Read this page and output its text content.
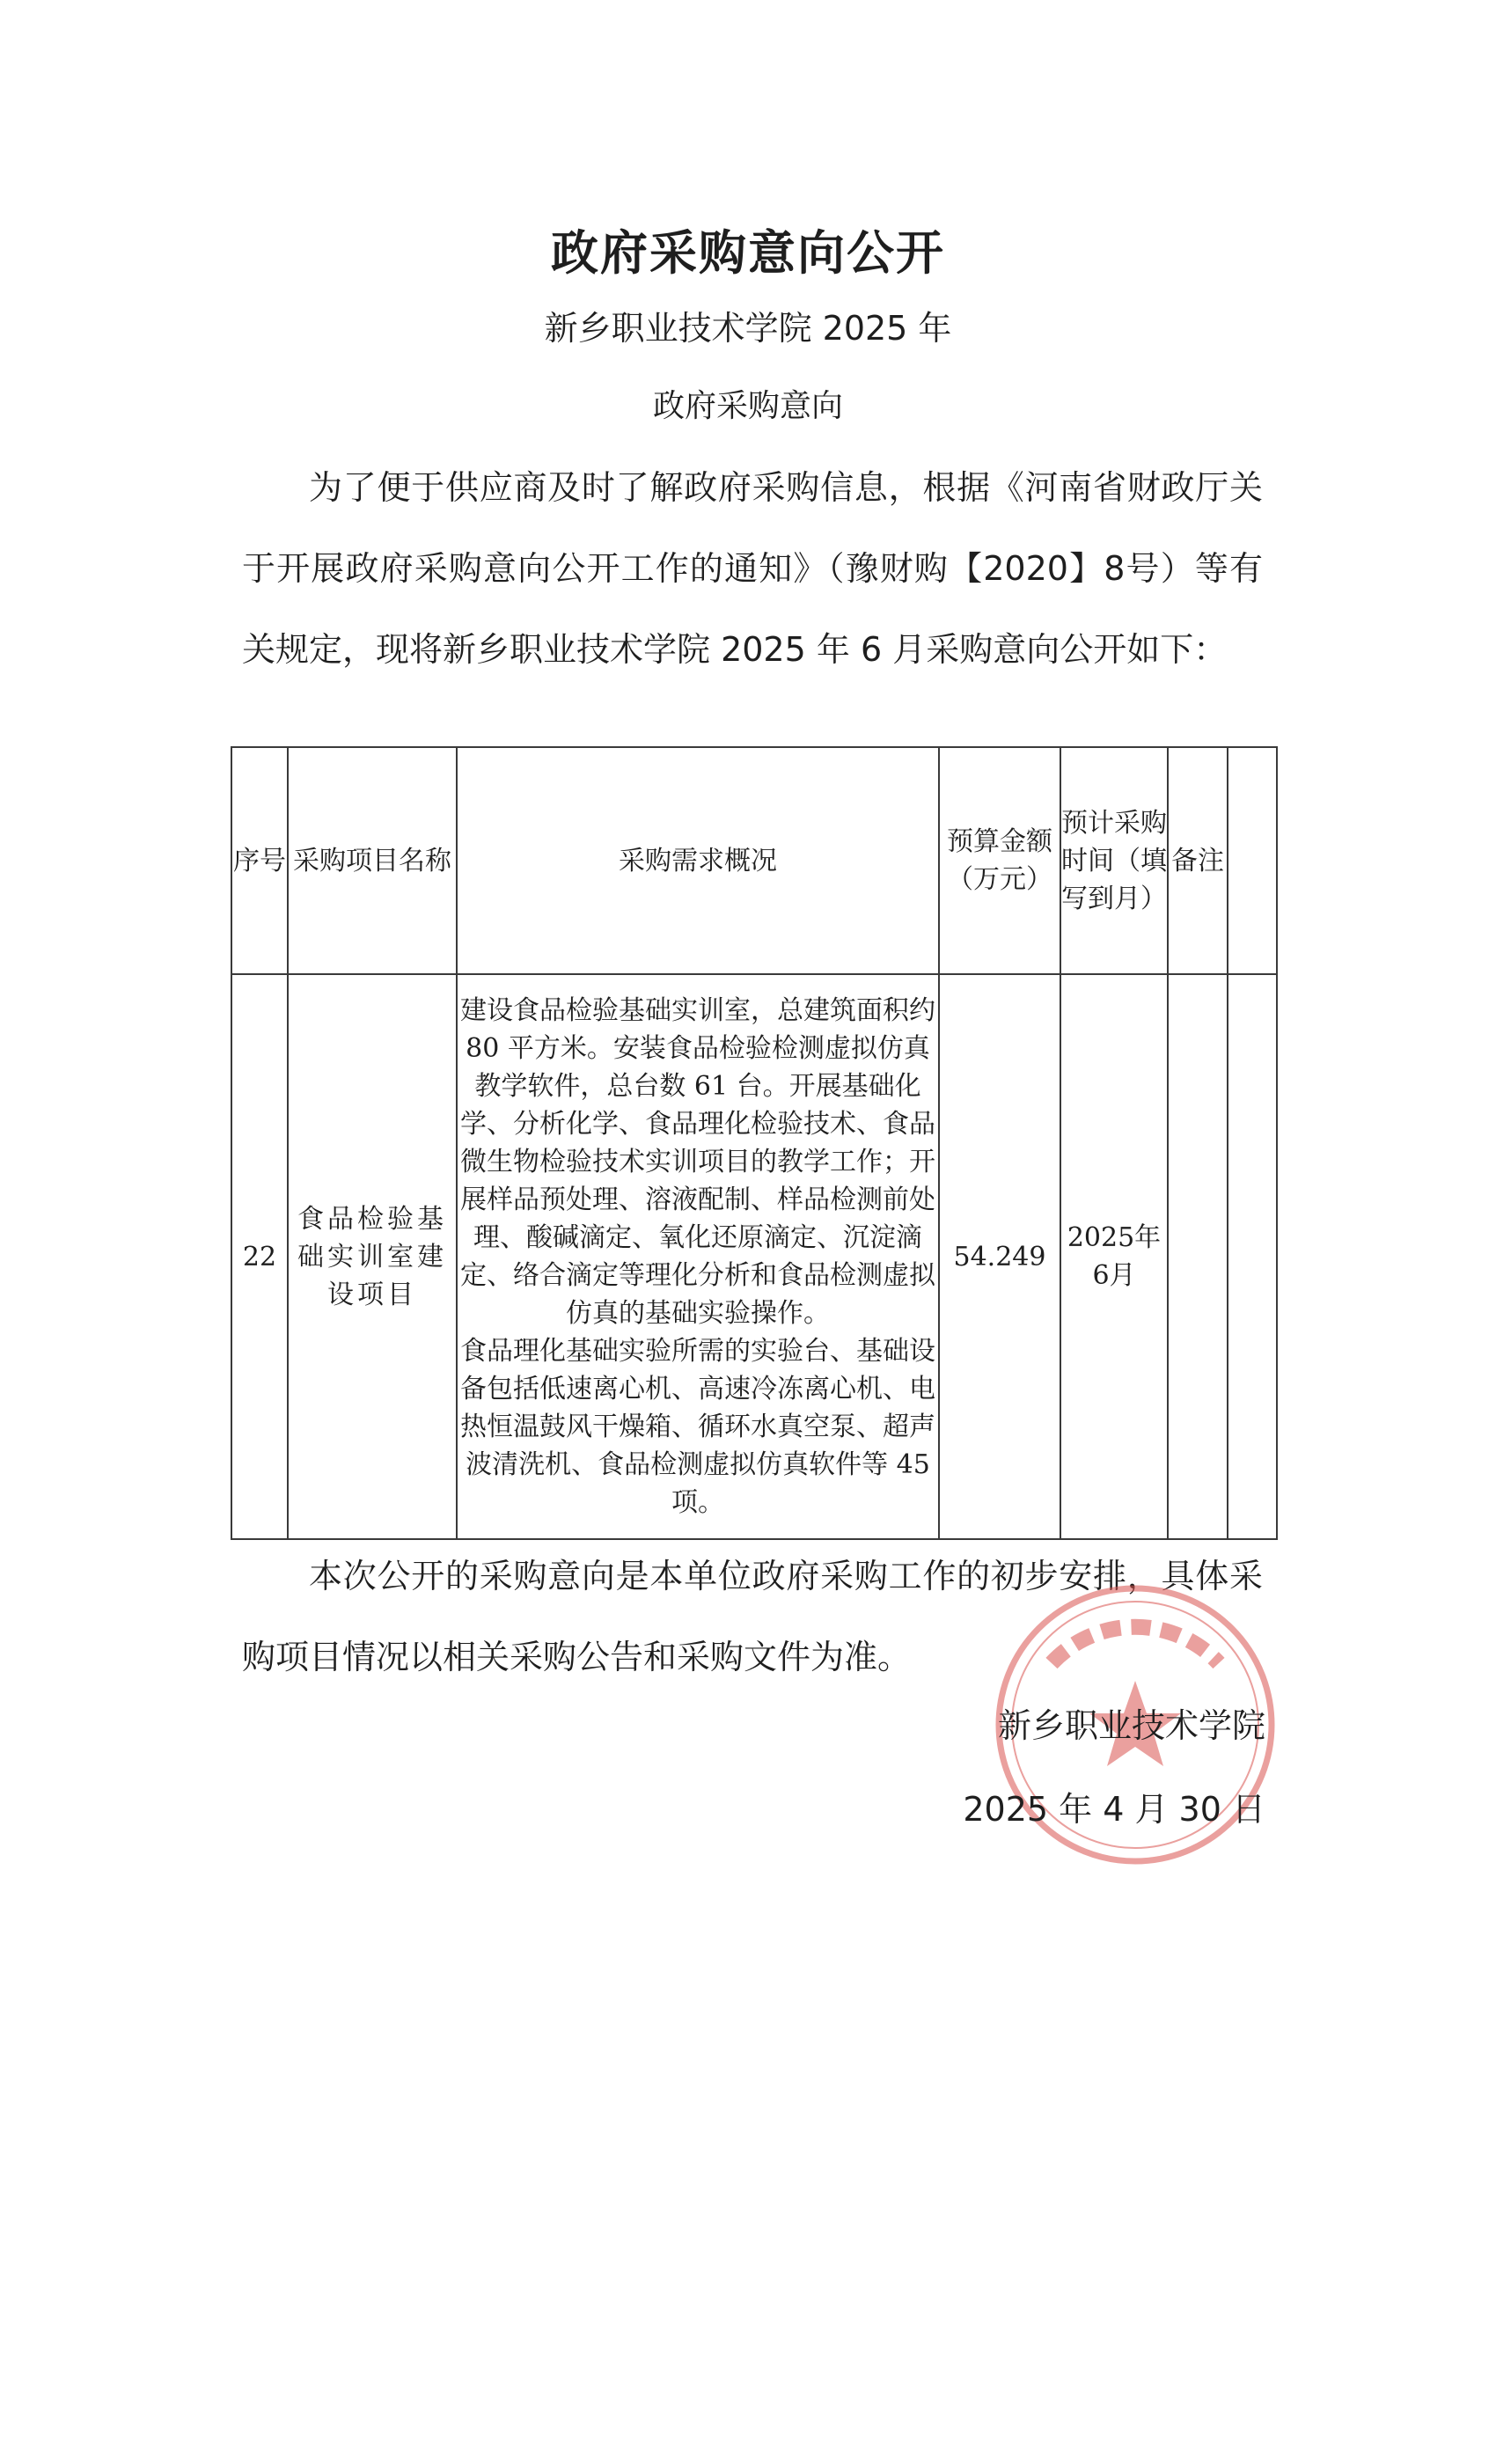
政府采购意向公开
新乡职业技术学院 2025 年
政府采购意向
为了便于供应商及时了解政府采购信息，根据《河南省财政厅关于开展政府采购意向公开工作的通知》（豫财购【2020】8号）等有关规定，现将新乡职业技术学院 2025 年 6 月采购意向公开如下：
序号	采购项目名称	采购需求概况	预算金额（万元）	预计采购时间（填写到月）	备注	
22	食品检验基础实训室建设项目	建设食品检验基础实训室，总建筑面积约 80 平方米。安装食品检验检测虚拟仿真教学软件，总台数 61 台。开展基础化学、分析化学、食品理化检验技术、食品微生物检验技术实训项目的教学工作；开展样品预处理、溶液配制、样品检测前处理、酸碱滴定、氧化还原滴定、沉淀滴定、络合滴定等理化分析和食品检测虚拟仿真的基础实验操作。
食品理化基础实验所需的实验台、基础设备包括低速离心机、高速冷冻离心机、电热恒温鼓风干燥箱、循环水真空泵、超声波清洗机、食品检测虚拟仿真软件等 45 项。	54.249	2025年6月		
本次公开的采购意向是本单位政府采购工作的初步安排，具体采购项目情况以相关采购公告和采购文件为准。
新乡职业技术学院
2025 年 4 月 30 日
